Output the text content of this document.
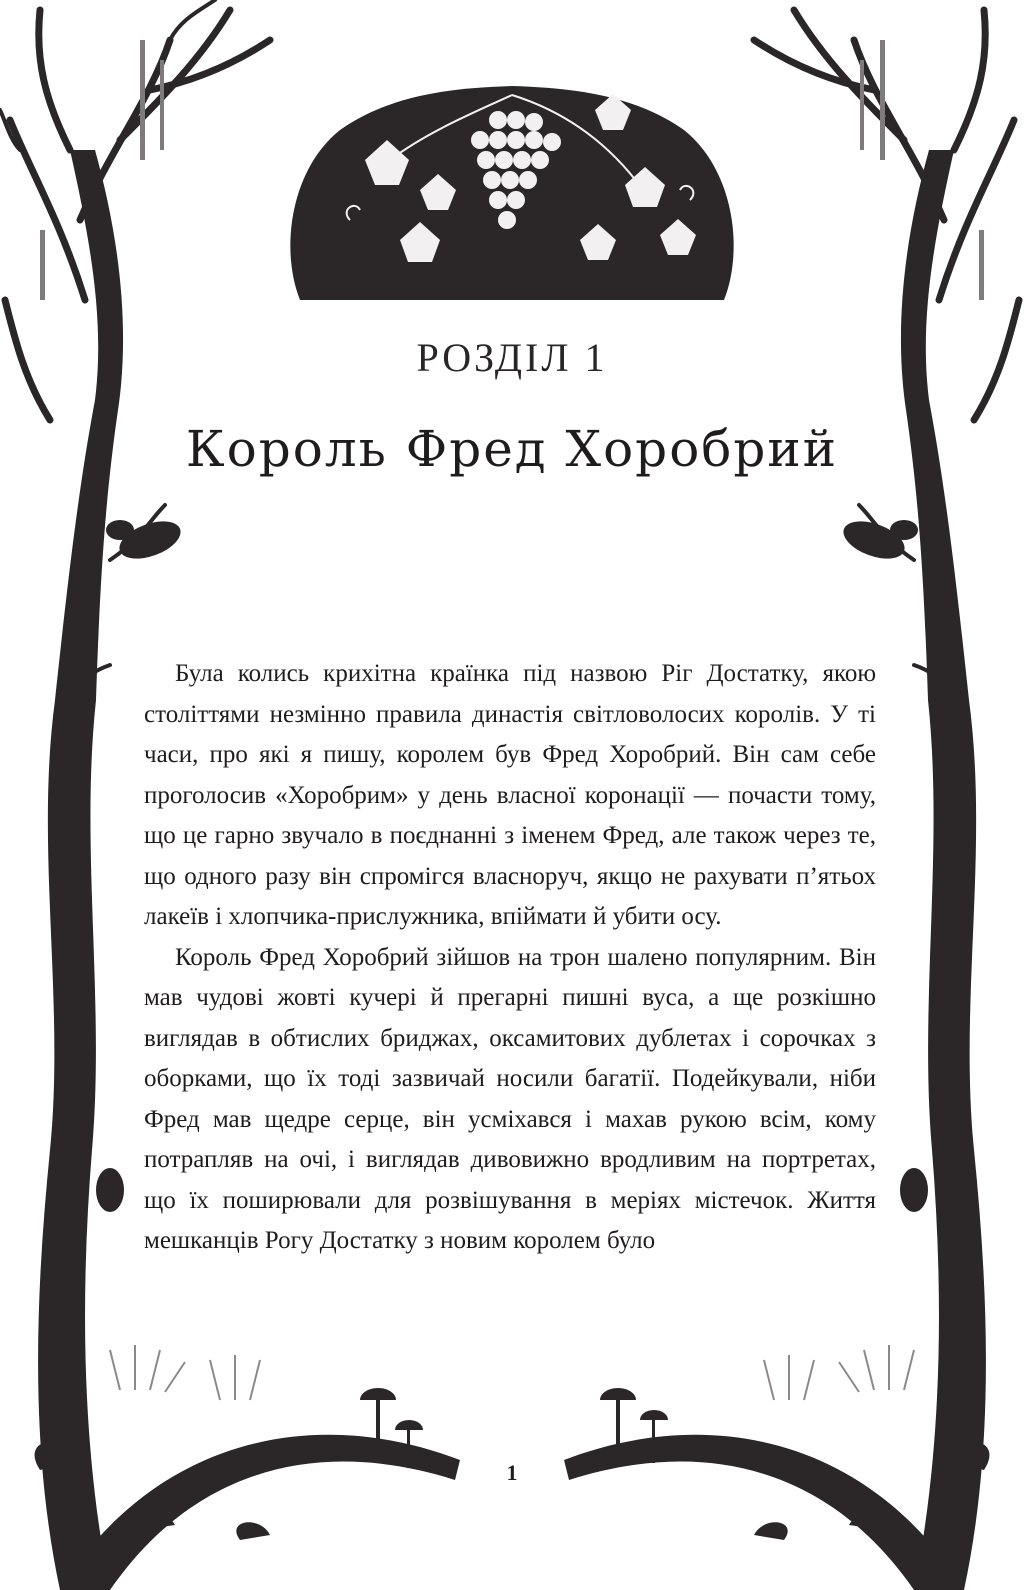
РОЗДІЛ 1
Король Фред Хоробрий

Була колись крихітна країнка під назвою Ріг Достатку, якою століттями незмінно правила династія світловолосих королів. У ті часи, про які я пишу, королем був Фред Хоробрий. Він сам себе проголосив «Хоробрим» у день власної коронації — почасти тому, що це гарно звучало в поєднанні з іменем Фред, але також через те, що одного разу він спромігся власноруч, якщо не рахувати п’ятьох лакеїв і хлопчика-прислужника, впіймати й убити осу.

Король Фред Хоробрий зійшов на трон шалено популярним. Він мав чудові жовті кучері й прегарні пишні вуса, а ще розкішно виглядав в обтислих бриджах, оксамитових дублетах і сорочках з оборками, що їх тоді зазвичай носили багатії. Подейкували, ніби Фред мав щедре серце, він усміхався і махав рукою всім, кому потрапляв на очі, і виглядав дивовижно вродливим на портретах, що їх поширювали для розвішування в меріях містечок. Життя мешканців Рогу Достатку з новим королем було

1
